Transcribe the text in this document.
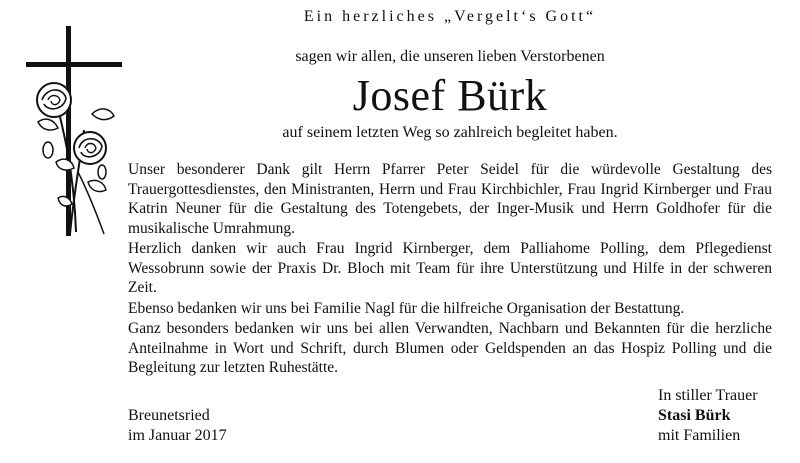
Ein herzliches „Vergelt‘s Gott“
sagen wir allen, die unseren lieben Verstorbenen
Josef Bürk
auf seinem letzten Weg so zahlreich begleitet haben.

Unser besonderer Dank gilt Herrn Pfarrer Peter Seidel für die würdevolle Gestaltung des Trauergottesdienstes, den Ministranten, Herrn und Frau Kirchbichler, Frau Ingrid Kirnberger und Frau Katrin Neuner für die Gestaltung des Totengebets, der Inger-Musik und Herrn Goldhofer für die musikalische Umrahmung.

Herzlich danken wir auch Frau Ingrid Kirnberger, dem Palliahome Polling, dem Pflegedienst Wessobrunn sowie der Praxis Dr. Bloch mit Team für ihre Unterstützung und Hilfe in der schweren Zeit.

Ebenso bedanken wir uns bei Familie Nagl für die hilfreiche Organisation der Bestattung.

Ganz besonders bedanken wir uns bei allen Verwandten, Nachbarn und Bekannten für die herzliche Anteilnahme in Wort und Schrift, durch Blumen oder Geldspenden an das Hospiz Polling und die Begleitung zur letzten Ruhestätte.

Breunetsried
im Januar 2017
In stiller Trauer
Stasi Bürk
mit Familien
